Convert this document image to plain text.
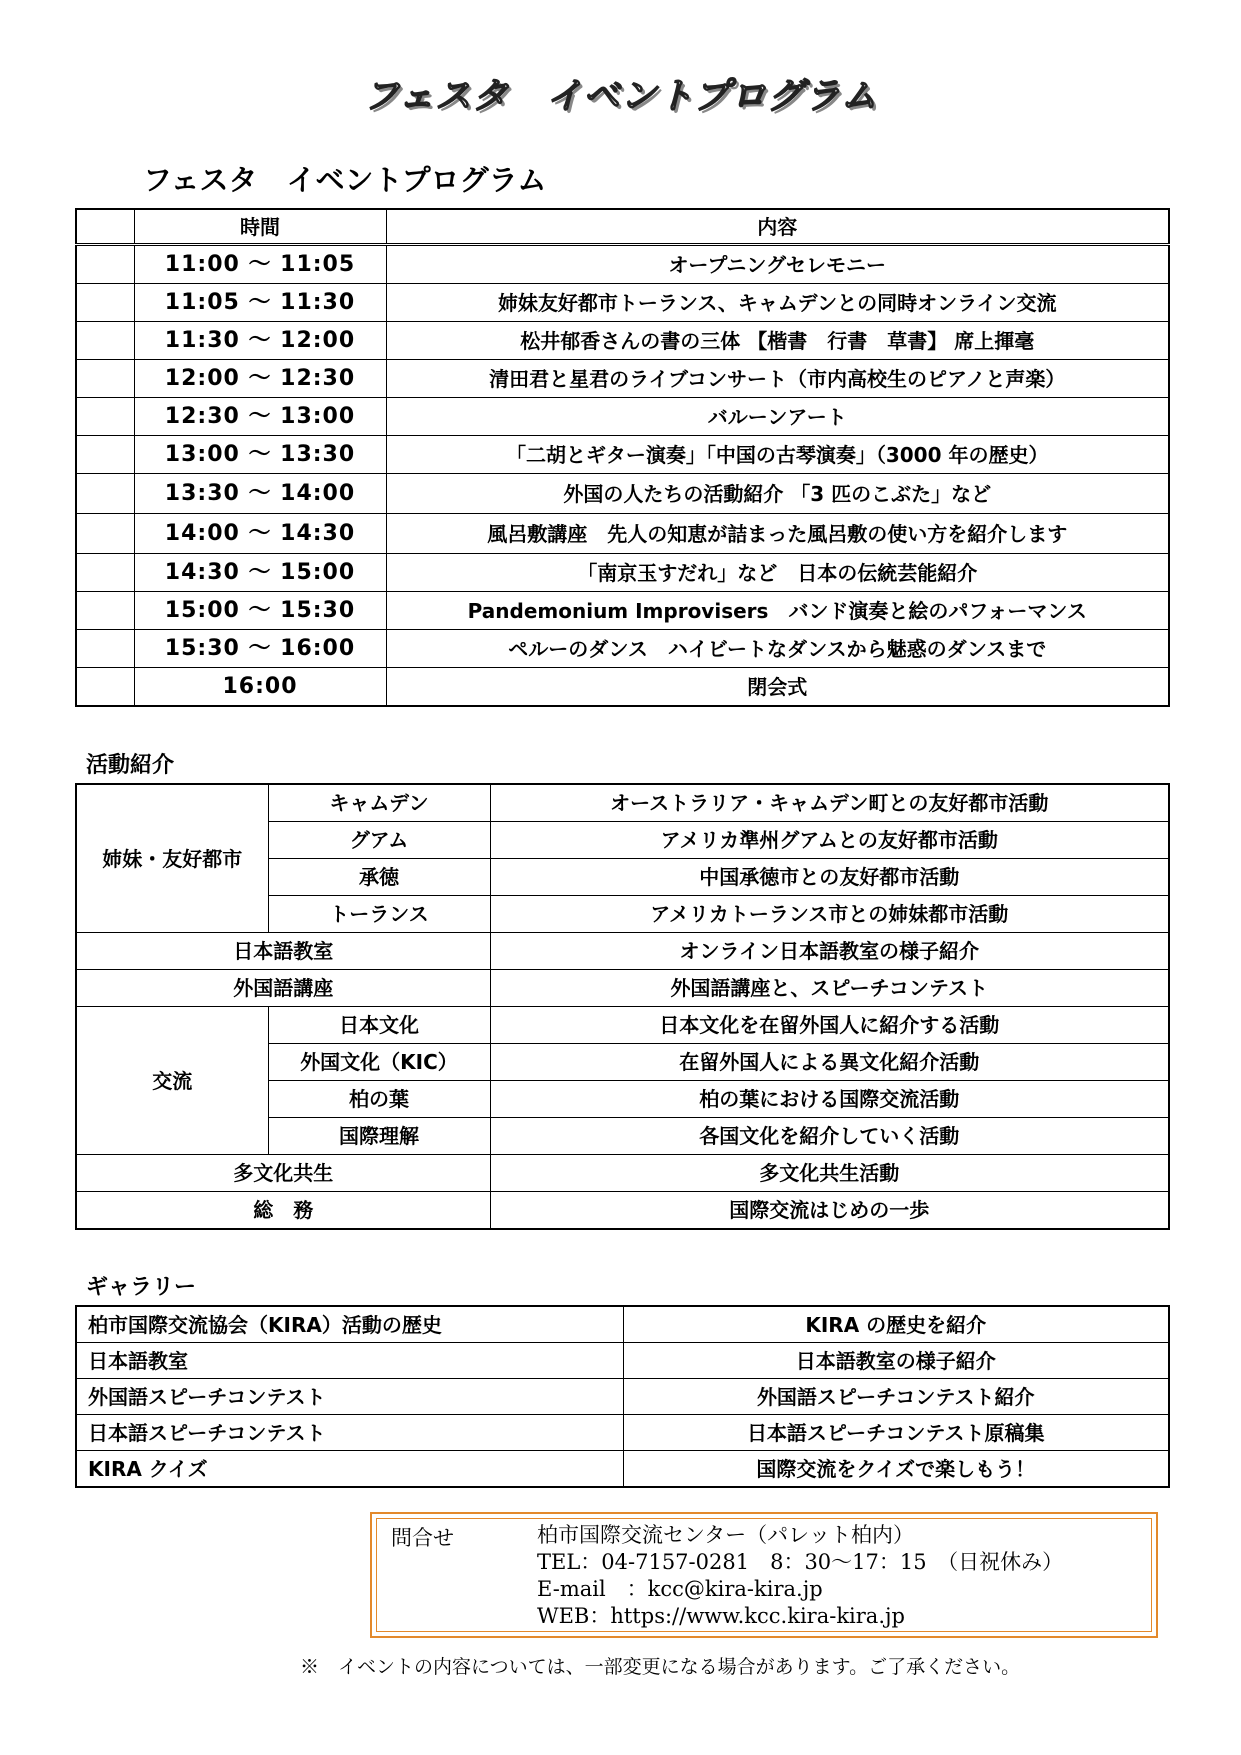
フェスタ　イベントプログラム
フェスタ　イベントプログラム
	時間	内容
	11:00 ～ 11:05	オープニングセレモニー
	11:05 ～ 11:30	姉妹友好都市トーランス、キャムデンとの同時オンライン交流
	11:30 ～ 12:00	松井郁香さんの書の三体 【楷書　行書　草書】 席上揮毫
	12:00 ～ 12:30	清田君と星君のライブコンサート（市内高校生のピアノと声楽）
	12:30 ～ 13:00	バルーンアート
	13:00 ～ 13:30	「二胡とギター演奏」「中国の古琴演奏」（3000 年の歴史）
	13:30 ～ 14:00	外国の人たちの活動紹介 「3 匹のこぶた」など
	14:00 ～ 14:30	風呂敷講座　先人の知恵が詰まった風呂敷の使い方を紹介します
	14:30 ～ 15:00	「南京玉すだれ」など　日本の伝統芸能紹介
	15:00 ～ 15:30	Pandemonium Improvisers　バンド演奏と絵のパフォーマンス
	15:30 ～ 16:00	ペルーのダンス　ハイビートなダンスから魅惑のダンスまで
	16:00	閉会式
活動紹介
姉妹・友好都市	キャムデン	オーストラリア・キャムデン町との友好都市活動
	グアム	アメリカ準州グアムとの友好都市活動
	承徳	中国承徳市との友好都市活動
	トーランス	アメリカトーランス市との姉妹都市活動
日本語教室		オンライン日本語教室の様子紹介
外国語講座		外国語講座と、スピーチコンテスト
交流	日本文化	日本文化を在留外国人に紹介する活動
	外国文化（KIC）	在留外国人による異文化紹介活動
	柏の葉	柏の葉における国際交流活動
	国際理解	各国文化を紹介していく活動
多文化共生		多文化共生活動
総　務		国際交流はじめの一歩
ギャラリー
柏市国際交流協会（KIRA）活動の歴史	KIRA の歴史を紹介
日本語教室	日本語教室の様子紹介
外国語スピーチコンテスト	外国語スピーチコンテスト紹介
日本語スピーチコンテスト	日本語スピーチコンテスト原稿集
KIRA クイズ	国際交流をクイズで楽しもう！
問合せ	柏市国際交流センター（パレット柏内）
TEL：04-7157-0281　8：30～17：15　（日祝休み）
E-mail　：kcc@kira-kira.jp
WEB：https://www.kcc.kira-kira.jp
※　イベントの内容については、一部変更になる場合があります。ご了承ください。
